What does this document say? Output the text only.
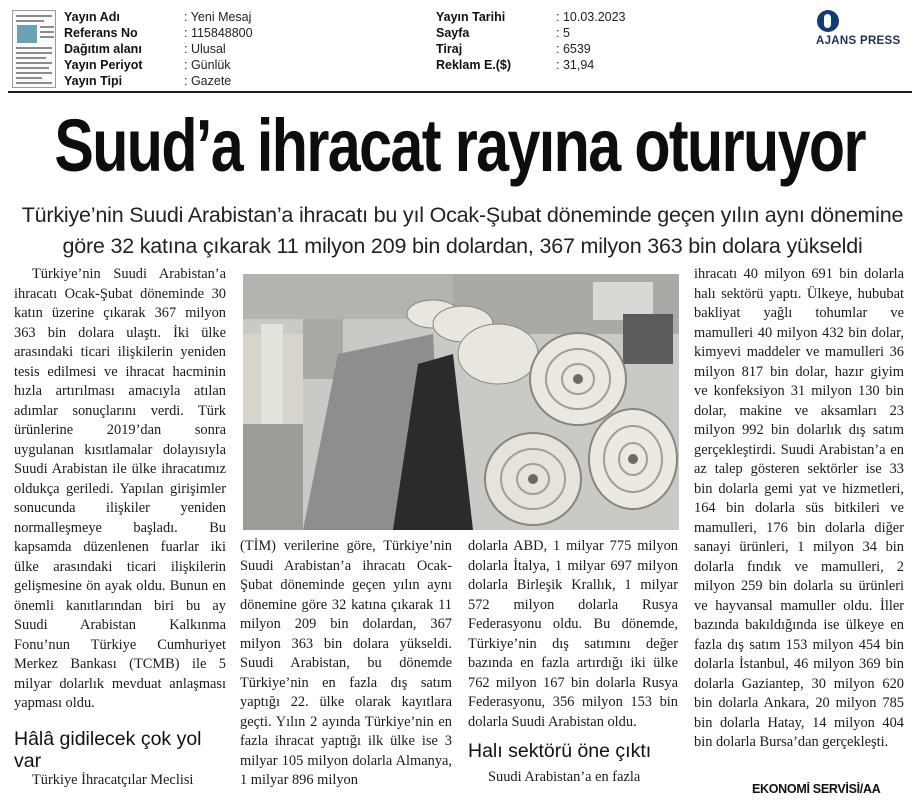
Yayın Adı	: Yeni Mesaj
Referans No	: 115848800
Dağıtım alanı	: Ulusal
Yayın Periyot	: Günlük
Yayın Tipi	: Gazete
Yayın Tarihi	: 10.03.2023
Sayfa	: 5
Tiraj	: 6539
Reklam E.($)	: 31,94
AJANS PRESS
Suud’a ihracat rayına oturuyor
Türkiye’nin Suudi Arabistan’a ihracatı bu yıl Ocak-Şubat döneminde geçen yılın aynı dönemine göre 32 katına çıkarak 11 milyon 209 bin dolardan, 367 milyon 363 bin dolara yükseldi

Türkiye’nin Suudi Arabistan’a ihracatı Ocak-Şubat döneminde 30 katın üzerine çıkarak 367 milyon 363 bin dolara ulaştı. İki ülke arasındaki ticari ilişkilerin yeniden tesis edilmesi ve ihracat hacminin hızla artırılması amacıyla atılan adımlar sonuçlarını verdi. Türk ürünlerine 2019’dan sonra uygulanan kısıtlamalar dolayısıyla Suudi Arabistan ile ülke ihracatımız oldukça geriledi. Yapılan girişimler sonucunda ilişkiler yeniden normalleşmeye başladı. Bu kapsamda düzenlenen fuarlar iki ülke arasındaki ticari ilişkilerin gelişmesine ön ayak oldu. Bunun en önemli kanıtlarından biri bu ay Suudi Arabistan Kalkınma Fonu’nun Türkiye Cumhuriyet Merkez Bankası (TCMB) ile 5 milyar dolarlık mevduat anlaşması yapması oldu.

Hâlâ gidilecek çok yol var
Türkiye İhracatçılar Meclisi

(TİM) verilerine göre, Türkiye’nin Suudi Arabistan’a ihracatı Ocak-Şubat döneminde geçen yılın aynı dönemine göre 32 katına çıkarak 11 milyon 209 bin dolardan, 367 milyon 363 bin dolara yükseldi. Suudi Arabistan, bu dönemde Türkiye’nin en fazla dış satım yaptığı 22. ülke olarak kayıtlara geçti. Yılın 2 ayında Türkiye’nin en fazla ihracat yaptığı ilk ülke ise 3 milyar 105 milyon dolarla Almanya, 1 milyar 896 milyon

dolarla ABD, 1 milyar 775 milyon dolarla İtalya, 1 milyar 697 milyon dolarla Birleşik Krallık, 1 milyar 572 milyon dolarla Rusya Federasyonu oldu. Bu dönemde, Türkiye’nin dış satımını değer bazında en fazla artırdığı iki ülke 762 milyon 167 bin dolarla Rusya Federasyonu, 356 milyon 153 bin dolarla Suudi Arabistan oldu.

Halı sektörü öne çıktı
Suudi Arabistan’a en fazla

ihracatı 40 milyon 691 bin dolarla halı sektörü yaptı. Ülkeye, hububat bakliyat yağlı tohumlar ve mamulleri 40 milyon 432 bin dolar, kimyevi maddeler ve mamulleri 36 milyon 817 bin dolar, hazır giyim ve konfeksiyon 31 milyon 130 bin dolar, makine ve aksamları 23 milyon 992 bin dolarlık dış satım gerçekleştirdi. Suudi Arabistan’a en az talep gösteren sektörler ise 33 bin dolarla gemi yat ve hizmetleri, 164 bin dolarla süs bitkileri ve mamulleri, 176 bin dolarla diğer sanayi ürünleri, 1 milyon 34 bin dolarla fındık ve mamulleri, 2 milyon 259 bin dolarla su ürünleri ve hayvansal mamuller oldu. İller bazında bakıldığında ise ülkeye en fazla dış satım 153 milyon 454 bin dolarla İstanbul, 46 milyon 369 bin dolarla Gaziantep, 30 milyon 620 bin dolarla Ankara, 20 milyon 785 bin dolarla Hatay, 14 milyon 404 bin dolarla Bursa’dan gerçekleşti.

EKONOMİ SERVİSİ/AA
